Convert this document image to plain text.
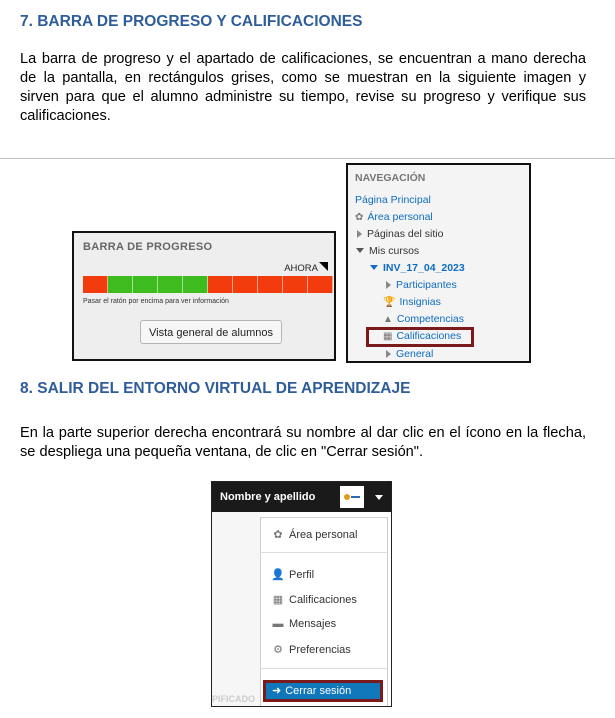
7. BARRA DE PROGRESO Y CALIFICACIONES

La barra de progreso y el apartado de calificaciones, se encuentran a mano derecha de la pantalla, en rectángulos grises, como se muestran en la siguiente imagen y sirven para que el alumno administre su tiempo, revise su progreso y verifique sus calificaciones.

BARRA DE PROGRESO
AHORA
Pasar el ratón por encima para ver información
Vista general de alumnos
NAVEGACIÓN
Página Principal
✿ Área personal
Páginas del sitio
Mis cursos
INV_17_04_2023
Participantes
🏆 Insignias
▲ Competencias
▦ Calificaciones
General
8. SALIR DEL ENTORNO VIRTUAL DE APRENDIZAJE

En la parte superior derecha encontrará su nombre al dar clic en el ícono en la flecha, se despliega una pequeña ventana, de clic en "Cerrar sesión".

Nombre y apellido
PIFICADO
✿ Área personal
👤 Perfil
▦ Calificaciones
▬ Mensajes
⚙ Preferencias
➜ Cerrar sesión
